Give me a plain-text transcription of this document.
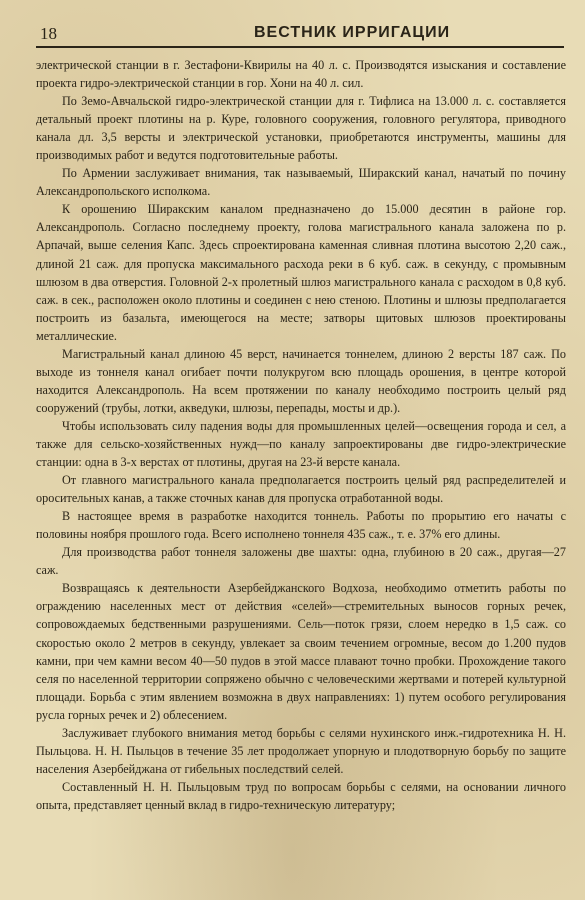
18	ВЕСТНИК ИРРИГАЦИИ

электрической станции в г. Зестафони-Квирилы на 40 л. с. Производятся изыскания и составление проекта гидро-электрической станции в гор. Хони на 40 л. сил.

По Земо-Авчальской гидро-электрической станции для г. Тифлиса на 13.000 л. с. составляется детальный проект плотины на р. Куре, головного сооружения, головного регулятора, приводного канала дл. 3,5 версты и электрической установки, приобретаются инструменты, машины для производимых работ и ведутся подготовительные работы.

По Армении заслуживает внимания, так называемый, Ширакский канал, начатый по почину Александропольского исполкома.

К орошению Ширакским каналом предназначено до 15.000 десятин в районе гор. Александрополь. Согласно последнему проекту, голова магистрального канала заложена по р. Арпачай, выше селения Капс. Здесь спроектирована каменная сливная плотина высотою 2,20 саж., длиной 21 саж. для пропуска максимального расхода реки в 6 куб. саж. в секунду, с промывным шлюзом в два отверстия. Головной 2-х пролетный шлюз магистрального канала с расходом в 0,8 куб. саж. в сек., расположен около плотины и соединен с нею стеною. Плотины и шлюзы предполагается построить из базальта, имеющегося на месте; затворы щитовых шлюзов проектированы металлические.

Магистральный канал длиною 45 верст, начинается тоннелем, длиною 2 версты 187 саж. По выходе из тоннеля канал огибает почти полукругом всю площадь орошения, в центре которой находится Александрополь. На всем протяжении по каналу необходимо построить целый ряд сооружений (трубы, лотки, акведуки, шлюзы, перепады, мосты и др.).

Чтобы использовать силу падения воды для промышленных целей—освещения города и сел, а также для сельско-хозяйственных нужд—по каналу запроектированы две гидро-электрические станции: одна в 3-х верстах от плотины, другая на 23-й версте канала.

От главного магистрального канала предполагается построить целый ряд распределителей и оросительных канав, а также сточных канав для пропуска отработанной воды.

В настоящее время в разработке находится тоннель. Работы по прорытию его начаты с половины ноября прошлого года. Всего исполнено тоннеля 435 саж., т. е. 37% его длины.

Для производства работ тоннеля заложены две шахты: одна, глубиною в 20 саж., другая—27 саж.

Возвращаясь к деятельности Азербейджанского Водхоза, необходимо отметить работы по ограждению населенных мест от действия «селей»—стремительных выносов горных речек, сопровождаемых бедственными разрушениями. Сель—поток грязи, слоем нередко в 1,5 саж. со скоростью около 2 метров в секунду, увлекает за своим течением огромные, весом до 1.200 пудов камни, при чем камни весом 40—50 пудов в этой массе плавают точно пробки. Прохождение такого селя по населенной территории сопряжено обычно с человеческими жертвами и потерей культурной площади. Борьба с этим явлением возможна в двух направлениях: 1) путем особого регулирования русла горных речек и 2) облесением.

Заслуживает глубокого внимания метод борьбы с селями нухинского инж.-гидротехника Н. Н. Пыльцова. Н. Н. Пыльцов в течение 35 лет продолжает упорную и плодотворную борьбу по защите населения Азербейджана от гибельных последствий селей.

Составленный Н. Н. Пыльцовым труд по вопросам борьбы с селями, на основании личного опыта, представляет ценный вклад в гидро-техническую литературу;
